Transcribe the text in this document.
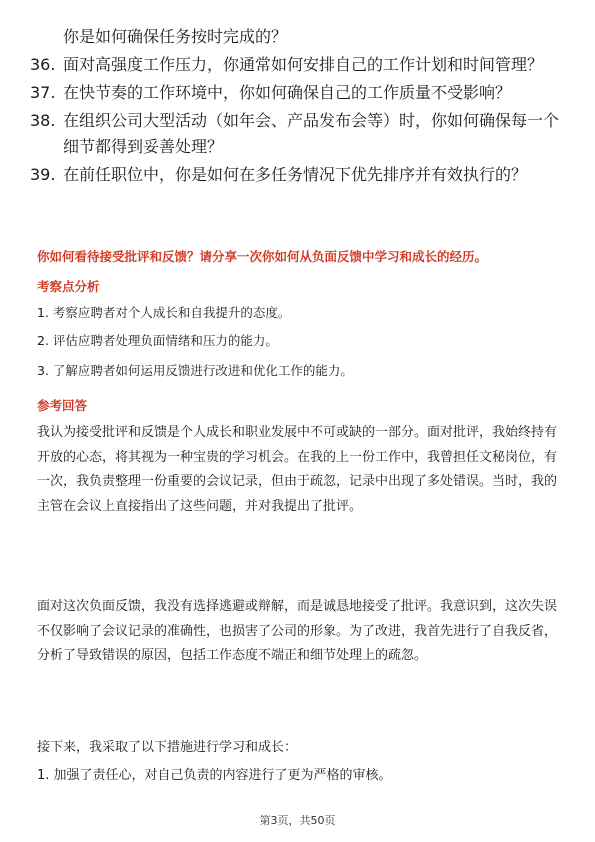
你是如何确保任务按时完成的？
36. 面对高强度工作压力，你通常如何安排自己的工作计划和时间管理？
37. 在快节奏的工作环境中，你如何确保自己的工作质量不受影响？
38. 在组织公司大型活动（如年会、产品发布会等）时，你如何确保每一个细节都得到妥善处理？
39. 在前任职位中，你是如何在多任务情况下优先排序并有效执行的？
你如何看待接受批评和反馈？请分享一次你如何从负面反馈中学习和成长的经历。
考察点分析
1. 考察应聘者对个人成长和自我提升的态度。
2. 评估应聘者处理负面情绪和压力的能力。
3. 了解应聘者如何运用反馈进行改进和优化工作的能力。
参考回答
我认为接受批评和反馈是个人成长和职业发展中不可或缺的一部分。面对批评，我始终持有开放的心态，将其视为一种宝贵的学习机会。在我的上一份工作中，我曾担任文秘岗位，有一次，我负责整理一份重要的会议记录，但由于疏忽，记录中出现了多处错误。当时，我的主管在会议上直接指出了这些问题，并对我提出了批评。
面对这次负面反馈，我没有选择逃避或辩解，而是诚恳地接受了批评。我意识到，这次失误不仅影响了会议记录的准确性，也损害了公司的形象。为了改进，我首先进行了自我反省，分析了导致错误的原因，包括工作态度不端正和细节处理上的疏忽。
接下来，我采取了以下措施进行学习和成长：
1. 加强了责任心，对自己负责的内容进行了更为严格的审核。
第3页，共50页
